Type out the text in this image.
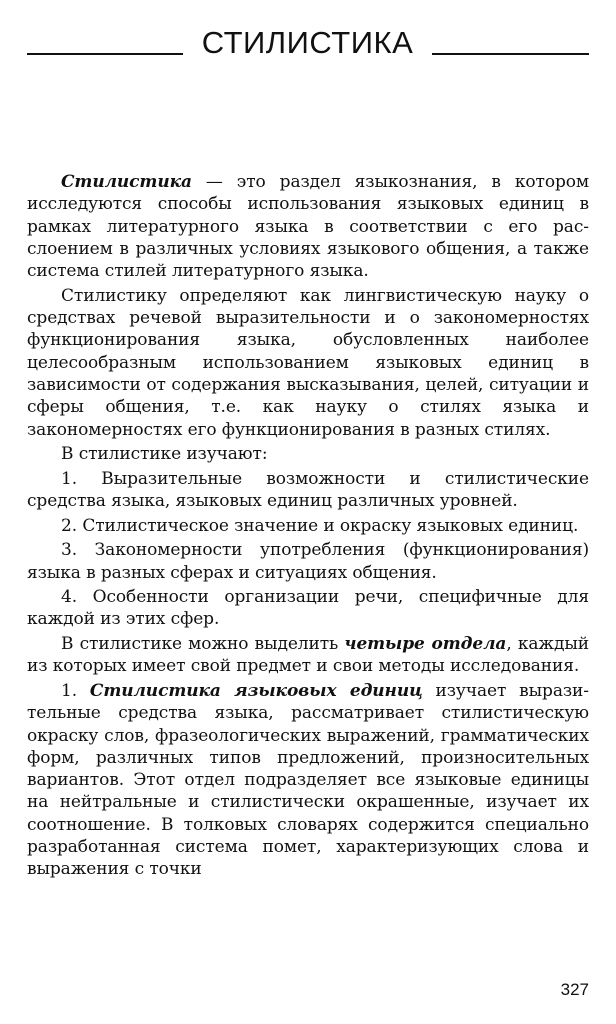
СТИЛИСТИКА

Стилистика — это раздел языкознания, в котором исследуются способы использования языковых единиц в рамках литературного языка в соответствии с его расслоением в различных условиях языкового общения, а также система стилей литературного языка.

Стилистику определяют как лингвистическую науку о средствах речевой выразительности и о закономерностях функционирования языка, обусловленных наиболее целесообразным использованием языковых единиц в зависимости от содержания высказывания, целей, ситуации и сферы общения, т.е. как науку о стилях языка и закономерностях его функционирования в разных стилях.

В стилистике изучают:

1. Выразительные возможности и стилистические средства языка, языковых единиц различных уровней.

2. Стилистическое значение и окраску языковых единиц.

3. Закономерности употребления (функционирования) языка в разных сферах и ситуациях общения.

4. Особенности организации речи, специфичные для каждой из этих сфер.

В стилистике можно выделить четыре отдела, каждый из которых имеет свой предмет и свои методы исследования.

1. Стилистика языковых единиц изучает выразительные средства языка, рассматривает стилистическую окраску слов, фразеологических выражений, грамматических форм, различных типов предложений, произносительных вариантов. Этот отдел подразделяет все языковые единицы на нейтральные и стилистически окрашенные, изучает их соотношение. В толковых словарях содержится специально разработанная система помет, характеризующих слова и выражения с точки

327
